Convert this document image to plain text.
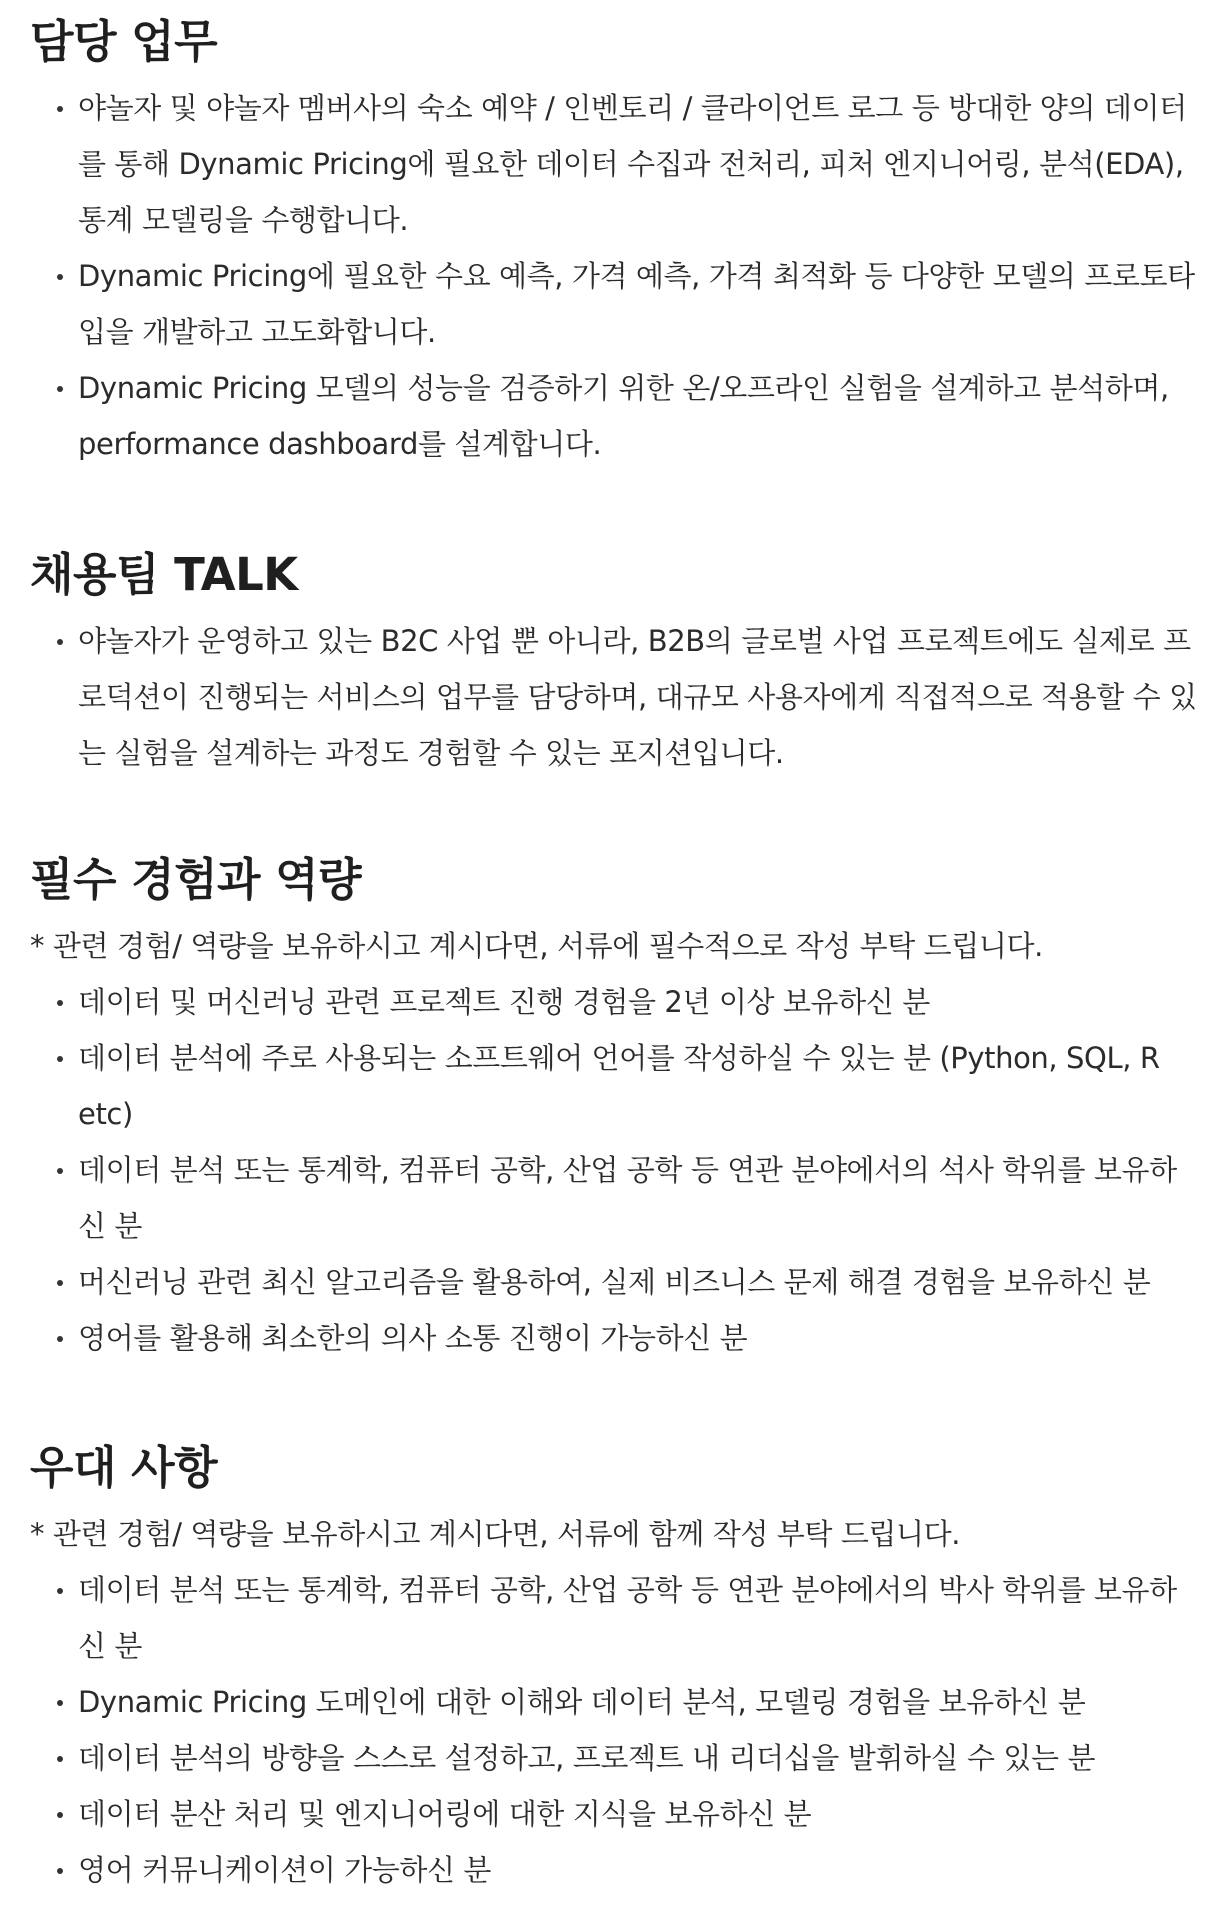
담당 업무
야놀자 및 야놀자 멤버사의 숙소 예약 / 인벤토리 / 클라이언트 로그 등 방대한 양의 데이터를 통해 Dynamic Pricing에 필요한 데이터 수집과 전처리, 피처 엔지니어링, 분석(EDA), 통계 모델링을 수행합니다.
Dynamic Pricing에 필요한 수요 예측, 가격 예측, 가격 최적화 등 다양한 모델의 프로토타입을 개발하고 고도화합니다.
Dynamic Pricing 모델의 성능을 검증하기 위한 온/오프라인 실험을 설계하고 분석하며, performance dashboard를 설계합니다.
채용팀 TALK
야놀자가 운영하고 있는 B2C 사업 뿐 아니라, B2B의 글로벌 사업 프로젝트에도 실제로 프로덕션이 진행되는 서비스의 업무를 담당하며, 대규모 사용자에게 직접적으로 적용할 수 있는 실험을 설계하는 과정도 경험할 수 있는 포지션입니다.
필수 경험과 역량

* 관련 경험/ 역량을 보유하시고 계시다면, 서류에 필수적으로 작성 부탁 드립니다.

데이터 및 머신러닝 관련 프로젝트 진행 경험을 2년 이상 보유하신 분
데이터 분석에 주로 사용되는 소프트웨어 언어를 작성하실 수 있는 분 (Python, SQL, R etc)
데이터 분석 또는 통계학, 컴퓨터 공학, 산업 공학 등 연관 분야에서의 석사 학위를 보유하신 분
머신러닝 관련 최신 알고리즘을 활용하여, 실제 비즈니스 문제 해결 경험을 보유하신 분
영어를 활용해 최소한의 의사 소통 진행이 가능하신 분
우대 사항

* 관련 경험/ 역량을 보유하시고 계시다면, 서류에 함께 작성 부탁 드립니다.

데이터 분석 또는 통계학, 컴퓨터 공학, 산업 공학 등 연관 분야에서의 박사 학위를 보유하신 분
Dynamic Pricing 도메인에 대한 이해와 데이터 분석, 모델링 경험을 보유하신 분
데이터 분석의 방향을 스스로 설정하고, 프로젝트 내 리더십을 발휘하실 수 있는 분
데이터 분산 처리 및 엔지니어링에 대한 지식을 보유하신 분
영어 커뮤니케이션이 가능하신 분
